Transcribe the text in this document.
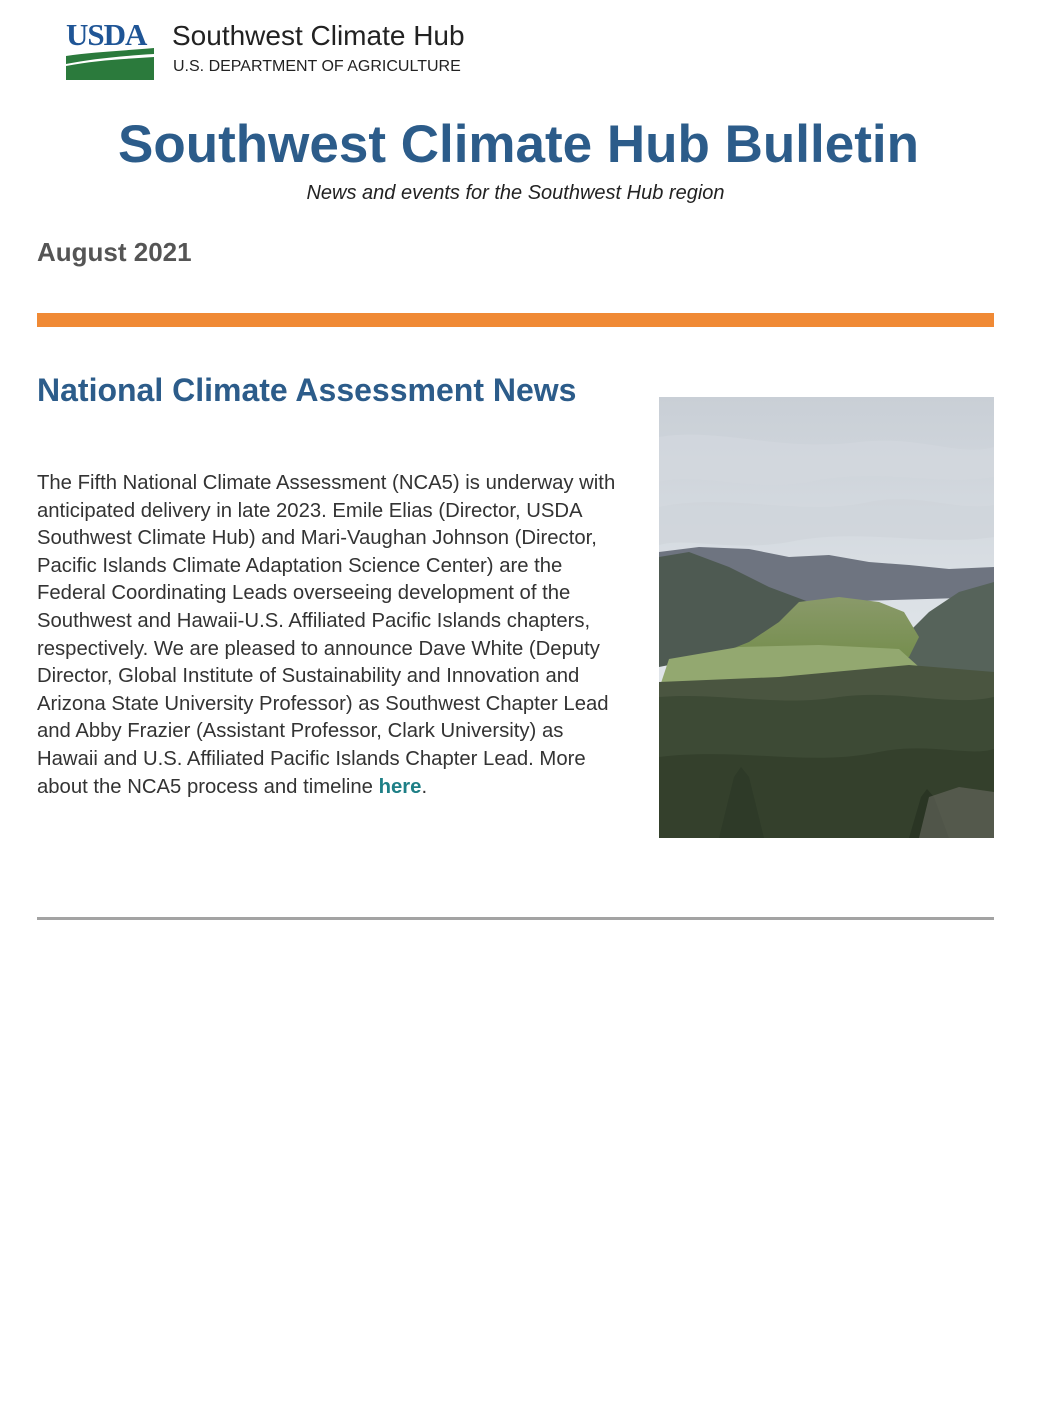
USDA Southwest Climate Hub
U.S. DEPARTMENT OF AGRICULTURE
Southwest Climate Hub Bulletin
News and events for the Southwest Hub region
August 2021
National Climate Assessment News

The Fifth National Climate Assessment (NCA5) is underway with anticipated delivery in late 2023. Emile Elias (Director, USDA Southwest Climate Hub) and Mari-Vaughan Johnson (Director, Pacific Islands Climate Adaptation Science Center) are the Federal Coordinating Leads overseeing development of the Southwest and Hawaii-U.S. Affiliated Pacific Islands chapters, respectively. We are pleased to announce Dave White (Deputy Director, Global Institute of Sustainability and Innovation and Arizona State University Professor) as Southwest Chapter Lead and Abby Frazier (Assistant Professor, Clark University) as Hawaii and U.S. Affiliated Pacific Islands Chapter Lead. More about the NCA5 process and timeline here.
